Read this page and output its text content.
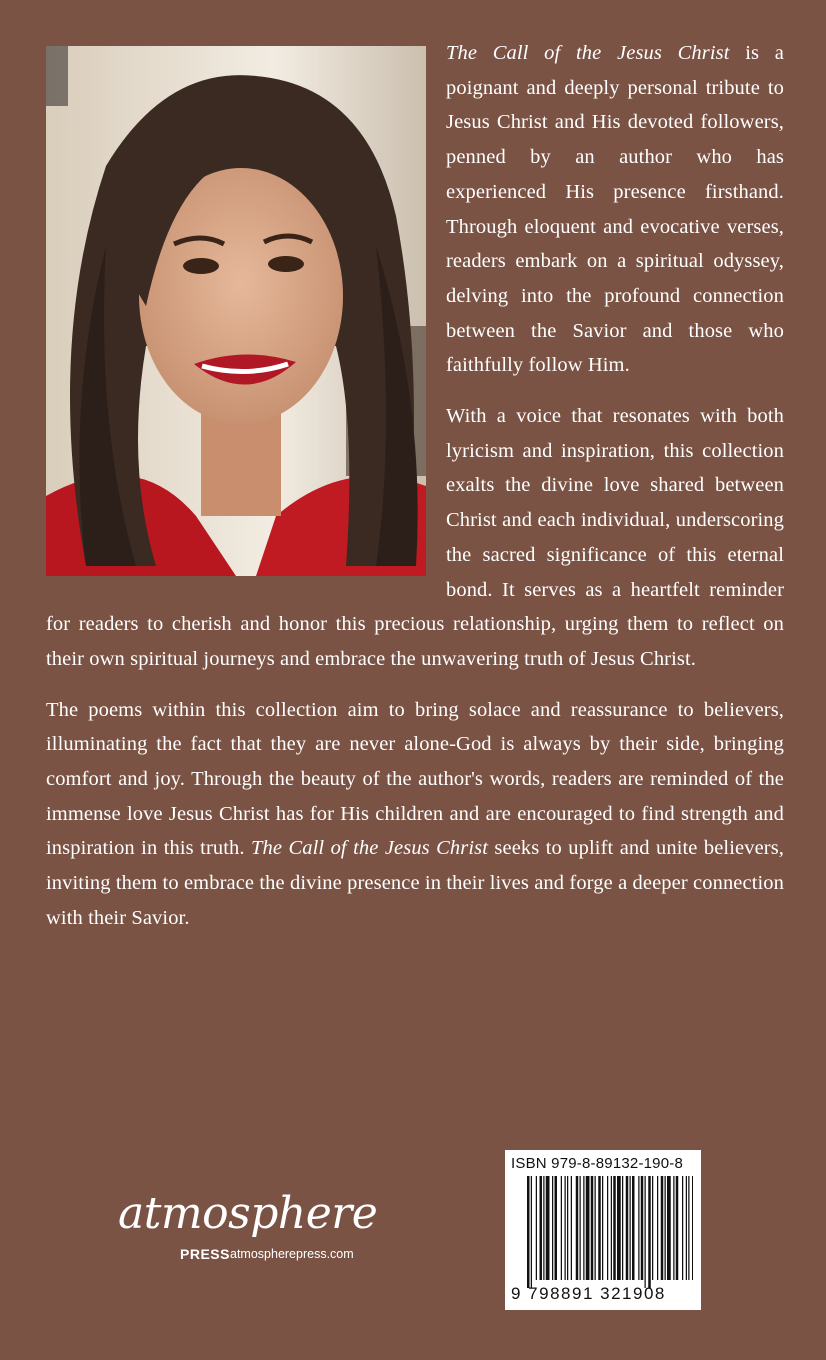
The Call of the Jesus Christ is a poignant and deeply personal tribute to Jesus Christ and His devoted followers, penned by an author who has experienced His presence firsthand. Through eloquent and evocative verses, readers embark on a spiritual odyssey, delving into the profound connection between the Savior and those who faithfully follow Him.

With a voice that resonates with both lyricism and inspiration, this collection exalts the divine love shared between Christ and each individual, underscoring the sacred significance of this eternal bond. It serves as a heartfelt reminder for readers to cherish and honor this precious relationship, urging them to reflect on their own spiritual journeys and embrace the unwavering truth of Jesus Christ.

The poems within this collection aim to bring solace and reassurance to believers, illuminating the fact that they are never alone-God is always by their side, bringing comfort and joy. Through the beauty of the author's words, readers are reminded of the immense love Jesus Christ has for His children and are encouraged to find strength and inspiration in this truth. The Call of the Jesus Christ seeks to uplift and unite believers, inviting them to embrace the divine presence in their lives and forge a deeper connection with their Savior.

atmosphere
PRESS atmospherepress.com
ISBN 979-8-89132-190-8
9 798891 321908
